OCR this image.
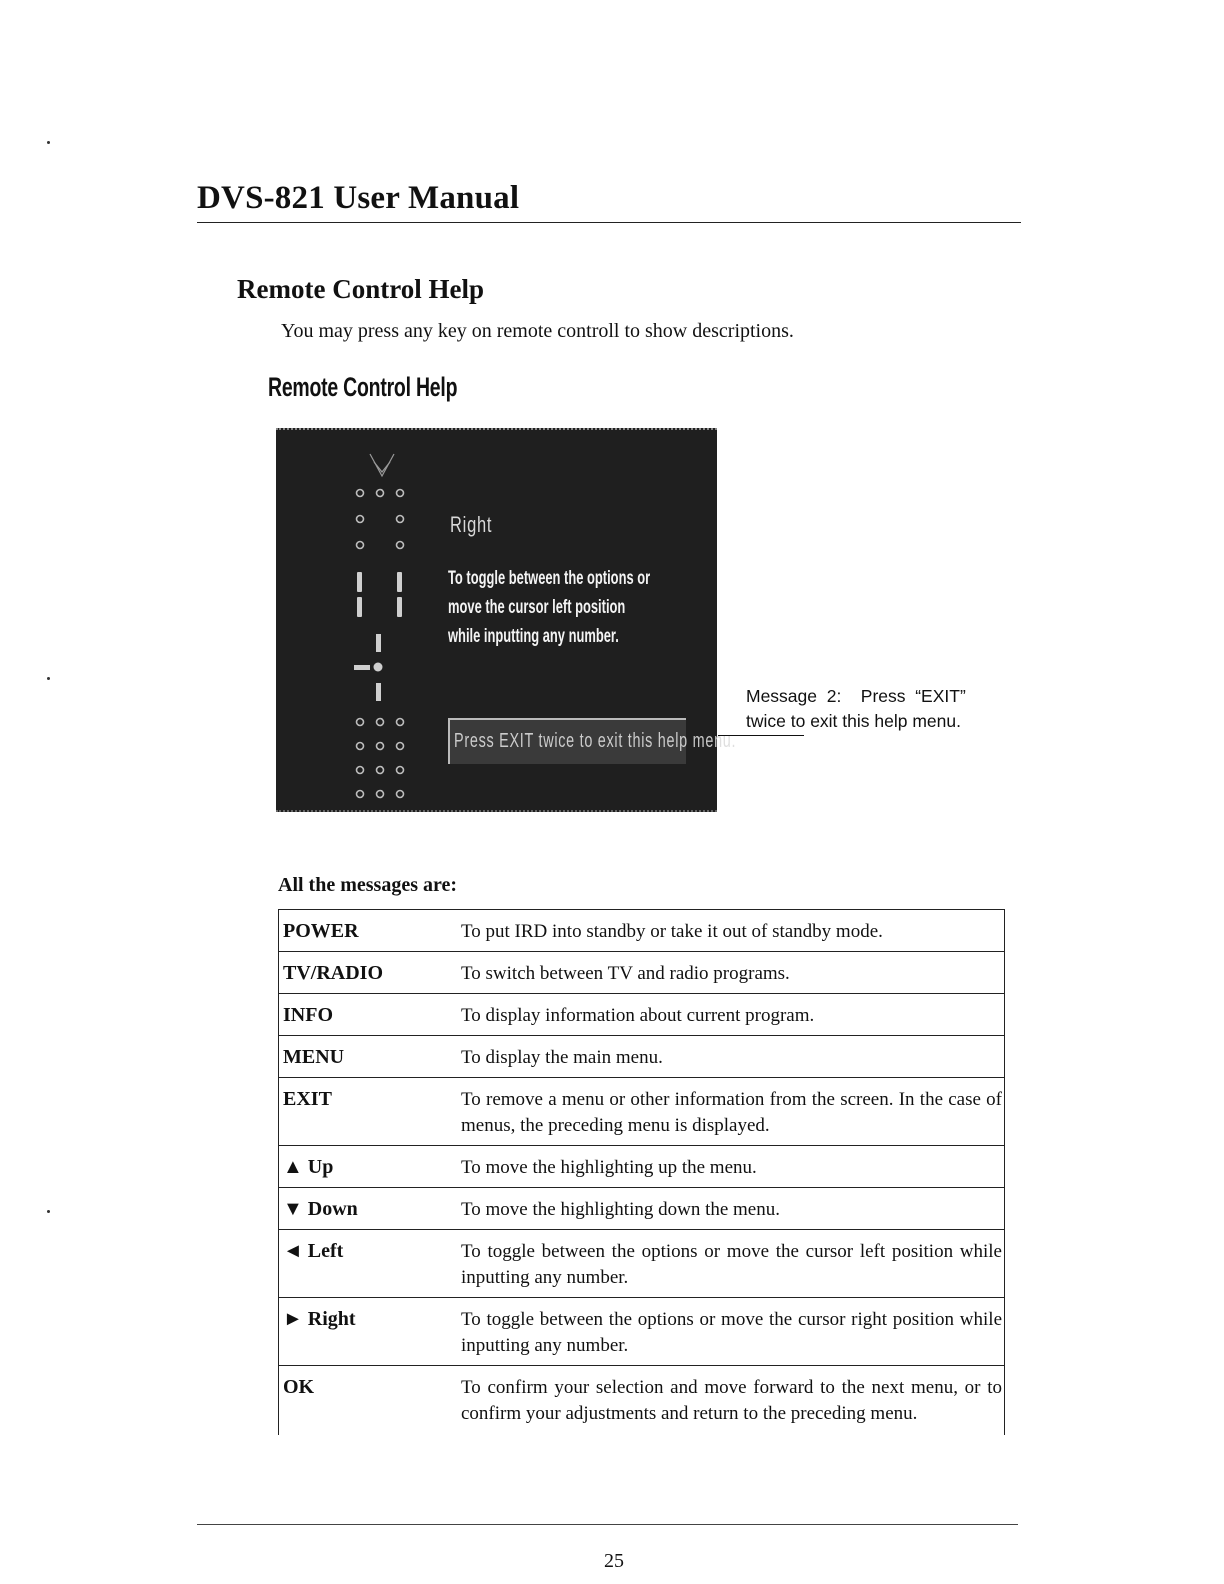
DVS-821 User Manual
Remote Control Help
You may press any key on remote controll to show descriptions.
Remote Control Help
Right
To toggle between the options or
move the cursor left position
while inputting any number.
Press EXIT twice to exit this help menu.
Message  2:    Press  “EXIT”
twice to exit this help menu.
All the messages are:
POWER	To put IRD into standby or take it out of standby mode.
TV/RADIO	To switch between TV and radio programs.
INFO	To display information about current program.
MENU	To display the main menu.
EXIT	To remove a menu or other information from the screen. In the case of menus, the preceding menu is displayed.
▲ Up	To move the highlighting up the menu.
▼ Down	To move the highlighting down the menu.
◄ Left	To toggle between the options or move the cursor left position while inputting any number.
► Right	To toggle between the options or move the cursor right position while inputting any number.
OK	To confirm your selection and move forward to the next menu, or to confirm your adjustments and return to the preceding menu.
25
